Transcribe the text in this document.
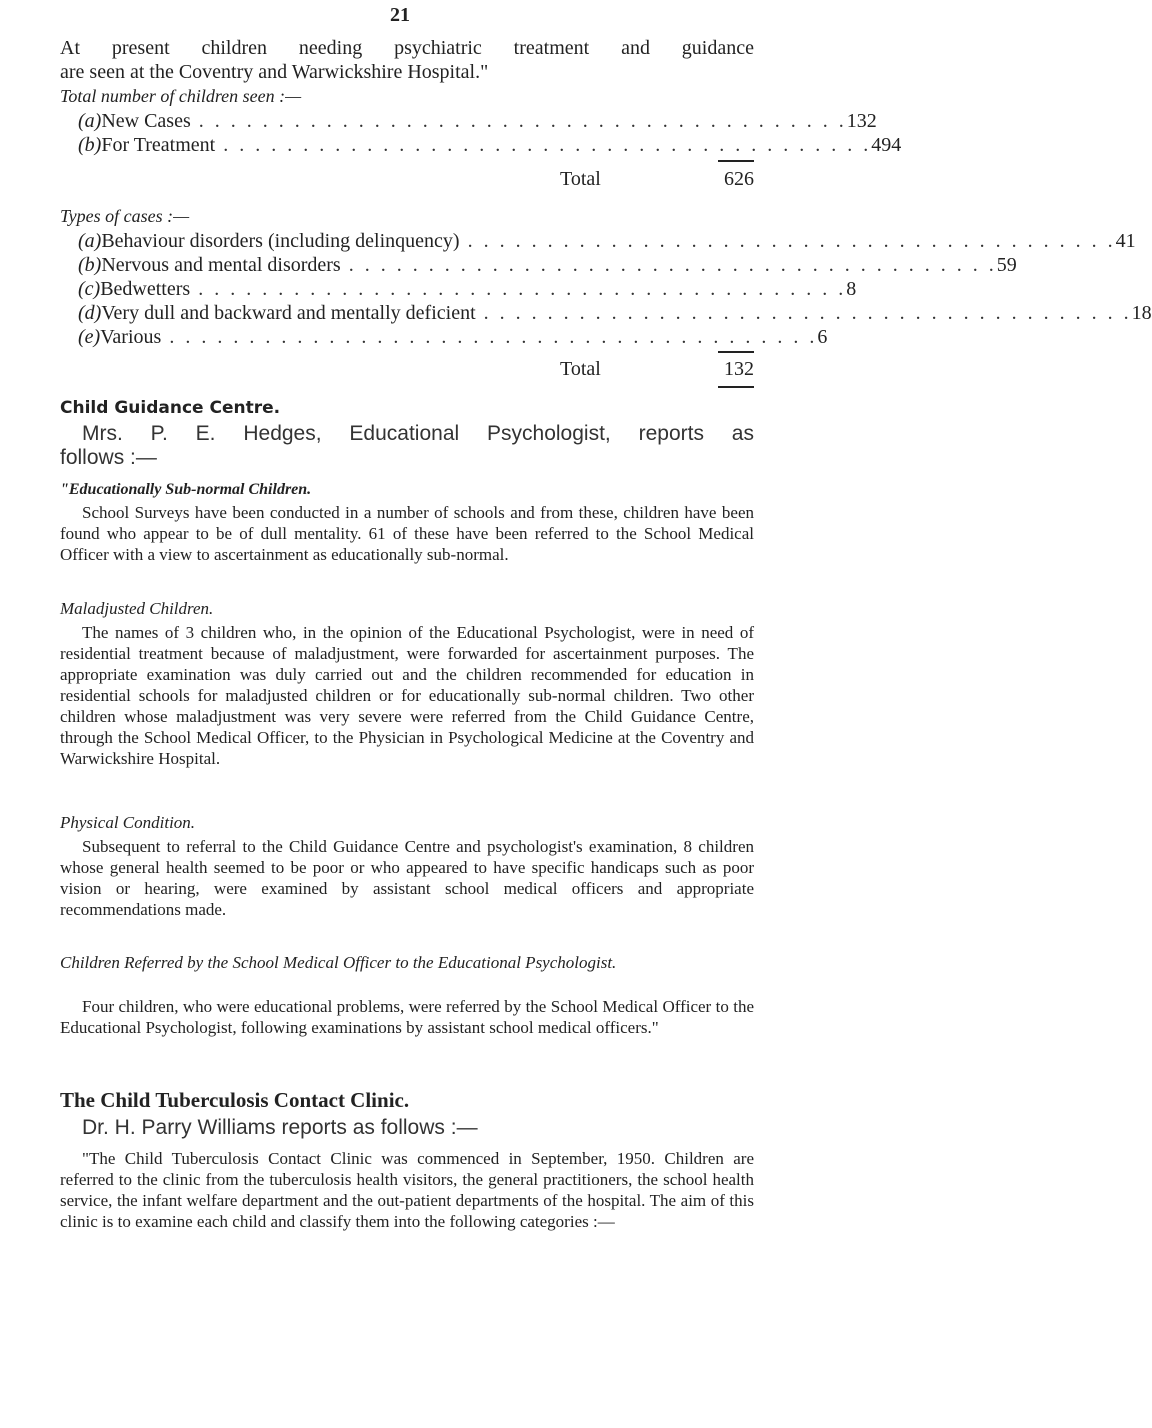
21
At present children needing psychiatric treatment and guidance
are seen at the Coventry and Warwickshire Hospital."
Total number of children seen :—
(a) New Cases . . . . . . . . . . . . . . . . . . . . . . . . . . . . . . . . . . . . . . . . . 132
(b) For Treatment . . . . . . . . . . . . . . . . . . . . . . . . . . . . . . . . . . . . . . . . . 494
Total	626
Types of cases :—
(a) Behaviour disorders (including delinquency) . . . . . . . . . . . . . . . . . . . . . . . . . . . . . . . . . . . . . . . . . 41
(b) Nervous and mental disorders . . . . . . . . . . . . . . . . . . . . . . . . . . . . . . . . . . . . . . . . . 59
(c) Bedwetters . . . . . . . . . . . . . . . . . . . . . . . . . . . . . . . . . . . . . . . . . 8
(d) Very dull and backward and mentally deficient . . . . . . . . . . . . . . . . . . . . . . . . . . . . . . . . . . . . . . . . . 18
(e) Various . . . . . . . . . . . . . . . . . . . . . . . . . . . . . . . . . . . . . . . . . 6
Total	132
Child Guidance Centre.
Mrs. P. E. Hedges, Educational Psychologist, reports as
follows :—
"Educationally Sub-normal Children.

School Surveys have been conducted in a number of schools and from these, children have been found who appear to be of dull mentality. 61 of these have been referred to the School Medical Officer with a view to ascertainment as educationally sub-normal.

Maladjusted Children.

The names of 3 children who, in the opinion of the Educational Psychologist, were in need of residential treatment because of maladjustment, were forwarded for ascertainment purposes. The appropriate examination was duly carried out and the children recommended for education in residential schools for maladjusted children or for educationally sub-normal children. Two other children whose maladjustment was very severe were referred from the Child Guidance Centre, through the School Medical Officer, to the Physician in Psychological Medicine at the Coventry and Warwickshire Hospital.

Physical Condition.

Subsequent to referral to the Child Guidance Centre and psychologist's examination, 8 children whose general health seemed to be poor or who appeared to have specific handicaps such as poor vision or hearing, were examined by assistant school medical officers and appropriate recommendations made.

Children Referred by the School Medical Officer to the Educational Psychologist.

Four children, who were educational problems, were referred by the School Medical Officer to the Educational Psychologist, following examinations by assistant school medical officers."

The Child Tuberculosis Contact Clinic.
Dr. H. Parry Williams reports as follows :—

"The Child Tuberculosis Contact Clinic was commenced in September, 1950. Children are referred to the clinic from the tuberculosis health visitors, the general practitioners, the school health service, the infant welfare department and the out-patient departments of the hospital. The aim of this clinic is to examine each child and classify them into the following categories :—
